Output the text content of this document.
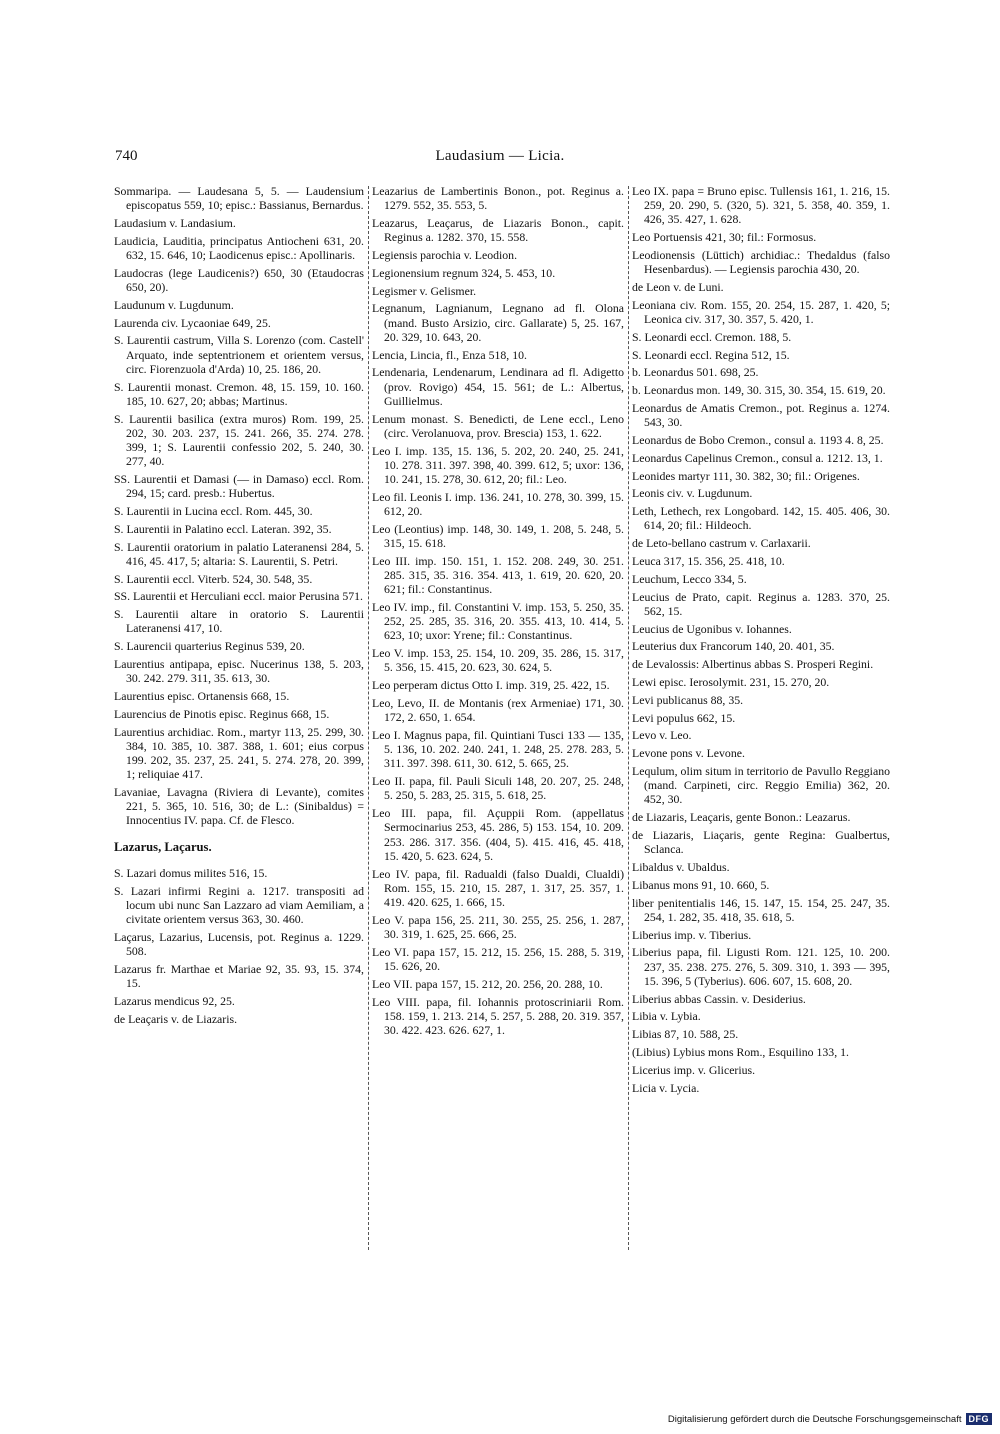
740	Laudasium — Licia.

Sommaripa. — Laudesana 5, 5. — Laudensium episcopatus 559, 10; episc.: Bassianus, Bernardus.

Laudasium v. Landasium.

Laudicia, Lauditia, principatus Antiocheni 631, 20. 632, 15. 646, 10; Laodicenus episc.: Apollinaris.

Laudocras (lege Laudicenis?) 650, 30 (Etaudocras 650, 20).

Laudunum v. Lugdunum.

Laurenda civ. Lycaoniae 649, 25.

S. Laurentii castrum, Villa S. Lorenzo (com. Castell' Arquato, inde septentrionem et orientem versus, circ. Fiorenzuola d'Arda) 10, 25. 186, 20.

S. Laurentii monast. Cremon. 48, 15. 159, 10. 160. 185, 10. 627, 20; abbas; Martinus.

S. Laurentii basilica (extra muros) Rom. 199, 25. 202, 30. 203. 237, 15. 241. 266, 35. 274. 278. 399, 1; S. Laurentii confessio 202, 5. 240, 30. 277, 40.

SS. Laurentii et Damasi (— in Damaso) eccl. Rom. 294, 15; card. presb.: Hubertus.

S. Laurentii in Lucina eccl. Rom. 445, 30.

S. Laurentii in Palatino eccl. Lateran. 392, 35.

S. Laurentii oratorium in palatio Lateranensi 284, 5. 416, 45. 417, 5; altaria: S. Laurentii, S. Petri.

S. Laurentii eccl. Viterb. 524, 30. 548, 35.

SS. Laurentii et Herculiani eccl. maior Perusina 571.

S. Laurentii altare in oratorio S. Laurentii Lateranensi 417, 10.

S. Laurencii quarterius Reginus 539, 20.

Laurentius antipapa, episc. Nucerinus 138, 5. 203, 30. 242. 279. 311, 35. 613, 30.

Laurentius episc. Ortanensis 668, 15.

Laurencius de Pinotis episc. Reginus 668, 15.

Laurentius archidiac. Rom., martyr 113, 25. 299, 30. 384, 10. 385, 10. 387. 388, 1. 601; eius corpus 199. 202, 35. 237, 25. 241, 5. 274. 278, 20. 399, 1; reliquiae 417.

Lavaniae, Lavagna (Riviera di Levante), comites 221, 5. 365, 10. 516, 30; de L.: (Sinibaldus) = Innocentius IV. papa. Cf. de Flesco.

Lazarus, Laçarus.

S. Lazari domus milites 516, 15.

S. Lazari infirmi Regini a. 1217. transpositi ad locum ubi nunc San Lazzaro ad viam Aemiliam, a civitate orientem versus 363, 30. 460.

Laçarus, Lazarius, Lucensis, pot. Reginus a. 1229. 508.

Lazarus fr. Marthae et Mariae 92, 35. 93, 15. 374, 15.

Lazarus mendicus 92, 25.

de Leaçaris v. de Liazaris.

Leazarius de Lambertinis Bonon., pot. Reginus a. 1279. 552, 35. 553, 5.

Leazarus, Leaçarus, de Liazaris Bonon., capit. Reginus a. 1282. 370, 15. 558.

Legiensis parochia v. Leodion.

Legionensium regnum 324, 5. 453, 10.

Legismer v. Gelismer.

Legnanum, Lagnianum, Legnano ad fl. Olona (mand. Busto Arsizio, circ. Gallarate) 5, 25. 167, 20. 329, 10. 643, 20.

Lencia, Lincia, fl., Enza 518, 10.

Lendenaria, Lendenarum, Lendinara ad fl. Adigetto (prov. Rovigo) 454, 15. 561; de L.: Albertus, Guillielmus.

Lenum monast. S. Benedicti, de Lene eccl., Leno (circ. Verolanuova, prov. Brescia) 153, 1. 622.

Leo I. imp. 135, 15. 136, 5. 202, 20. 240, 25. 241, 10. 278. 311. 397. 398, 40. 399. 612, 5; uxor: 136, 10. 241, 15. 278, 30. 612, 20; fil.: Leo.

Leo fil. Leonis I. imp. 136. 241, 10. 278, 30. 399, 15. 612, 20.

Leo (Leontius) imp. 148, 30. 149, 1. 208, 5. 248, 5. 315, 15. 618.

Leo III. imp. 150. 151, 1. 152. 208. 249, 30. 251. 285. 315, 35. 316. 354. 413, 1. 619, 20. 620, 20. 621; fil.: Constantinus.

Leo IV. imp., fil. Constantini V. imp. 153, 5. 250, 35. 252, 25. 285, 35. 316, 20. 355. 413, 10. 414, 5. 623, 10; uxor: Yrene; fil.: Constantinus.

Leo V. imp. 153, 25. 154, 10. 209, 35. 286, 15. 317, 5. 356, 15. 415, 20. 623, 30. 624, 5.

Leo perperam dictus Otto I. imp. 319, 25. 422, 15.

Leo, Levo, II. de Montanis (rex Armeniae) 171, 30. 172, 2. 650, 1. 654.

Leo I. Magnus papa, fil. Quintiani Tusci 133 — 135, 5. 136, 10. 202. 240. 241, 1. 248, 25. 278. 283, 5. 311. 397. 398. 611, 30. 612, 5. 665, 25.

Leo II. papa, fil. Pauli Siculi 148, 20. 207, 25. 248, 5. 250, 5. 283, 25. 315, 5. 618, 25.

Leo III. papa, fil. Açuppii Rom. (appellatus Sermocinarius 253, 45. 286, 5) 153. 154, 10. 209. 253. 286. 317. 356. (404, 5). 415. 416, 45. 418, 15. 420, 5. 623. 624, 5.

Leo IV. papa, fil. Radualdi (falso Dualdi, Clualdi) Rom. 155, 15. 210, 15. 287, 1. 317, 25. 357, 1. 419. 420. 625, 1. 666, 15.

Leo V. papa 156, 25. 211, 30. 255, 25. 256, 1. 287, 30. 319, 1. 625, 25. 666, 25.

Leo VI. papa 157, 15. 212, 15. 256, 15. 288, 5. 319, 15. 626, 20.

Leo VII. papa 157, 15. 212, 20. 256, 20. 288, 10.

Leo VIII. papa, fil. Iohannis protoscriniarii Rom. 158. 159, 1. 213. 214, 5. 257, 5. 288, 20. 319. 357, 30. 422. 423. 626. 627, 1.

Leo IX. papa = Bruno episc. Tullensis 161, 1. 216, 15. 259, 20. 290, 5. (320, 5). 321, 5. 358, 40. 359, 1. 426, 35. 427, 1. 628.

Leo Portuensis 421, 30; fil.: Formosus.

Leodionensis (Lüttich) archidiac.: Thedaldus (falso Hesenbardus). — Legiensis parochia 430, 20.

de Leon v. de Luni.

Leoniana civ. Rom. 155, 20. 254, 15. 287, 1. 420, 5; Leonica civ. 317, 30. 357, 5. 420, 1.

S. Leonardi eccl. Cremon. 188, 5.

S. Leonardi eccl. Regina 512, 15.

b. Leonardus 501. 698, 25.

b. Leonardus mon. 149, 30. 315, 30. 354, 15. 619, 20.

Leonardus de Amatis Cremon., pot. Reginus a. 1274. 543, 30.

Leonardus de Bobo Cremon., consul a. 1193 4. 8, 25.

Leonardus Capelinus Cremon., consul a. 1212. 13, 1.

Leonides martyr 111, 30. 382, 30; fil.: Origenes.

Leonis civ. v. Lugdunum.

Leth, Lethech, rex Longobard. 142, 15. 405. 406, 30. 614, 20; fil.: Hildeoch.

de Leto-bellano castrum v. Carlaxarii.

Leuca 317, 15. 356, 25. 418, 10.

Leuchum, Lecco 334, 5.

Leucius de Prato, capit. Reginus a. 1283. 370, 25. 562, 15.

Leucius de Ugonibus v. Iohannes.

Leuterius dux Francorum 140, 20. 401, 35.

de Levalossis: Albertinus abbas S. Prosperi Regini.

Lewi episc. Ierosolymit. 231, 15. 270, 20.

Levi publicanus 88, 35.

Levi populus 662, 15.

Levo v. Leo.

Levone pons v. Levone.

Lequlum, olim situm in territorio de Pavullo Reggiano (mand. Carpineti, circ. Reggio Emilia) 362, 20. 452, 30.

de Liazaris, Leaçaris, gente Bonon.: Leazarus.

de Liazaris, Liaçaris, gente Regina: Gualbertus, Sclanca.

Libaldus v. Ubaldus.

Libanus mons 91, 10. 660, 5.

liber penitentialis 146, 15. 147, 15. 154, 25. 247, 35. 254, 1. 282, 35. 418, 35. 618, 5.

Liberius imp. v. Tiberius.

Liberius papa, fil. Ligusti Rom. 121. 125, 10. 200. 237, 35. 238. 275. 276, 5. 309. 310, 1. 393 — 395, 15. 396, 5 (Tyberius). 606. 607, 15. 608, 20.

Liberius abbas Cassin. v. Desiderius.

Libia v. Lybia.

Libias 87, 10. 588, 25.

(Libius) Lybius mons Rom., Esquilino 133, 1.

Licerius imp. v. Glicerius.

Licia v. Lycia.

Digitalisierung gefördert durch die Deutsche Forschungsgemeinschaft DFG
